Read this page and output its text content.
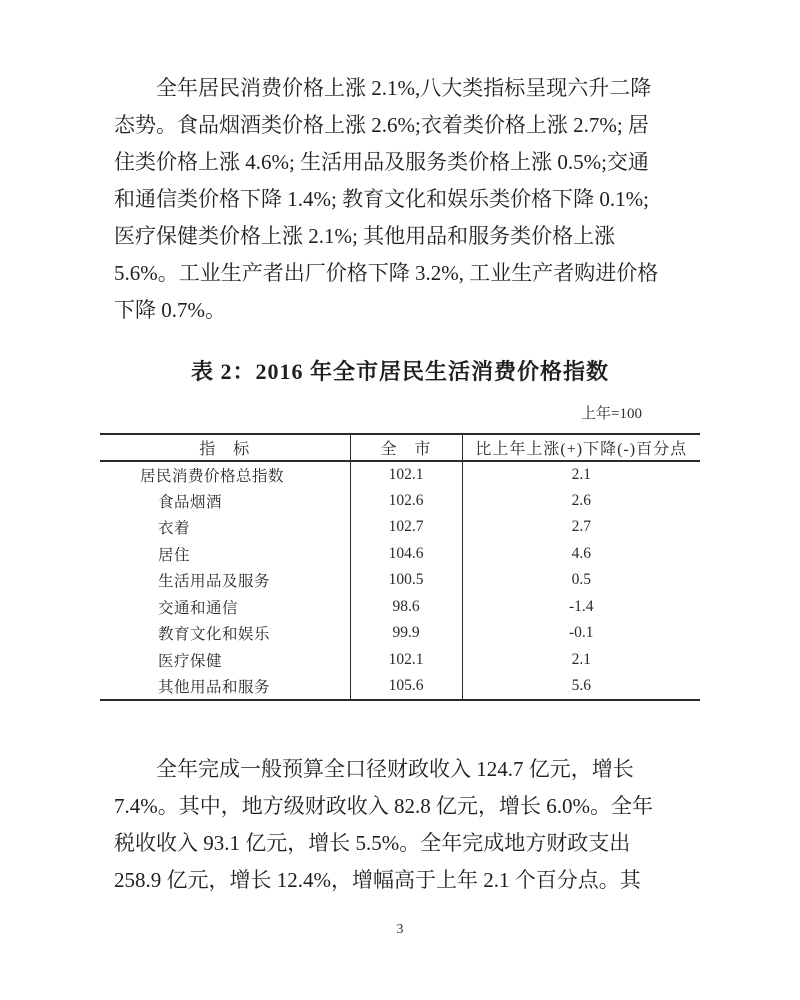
全年居民消费价格上涨 2.1%,八大类指标呈现六升二降
态势。食品烟酒类价格上涨 2.6%;衣着类价格上涨 2.7%; 居
住类价格上涨 4.6%; 生活用品及服务类价格上涨 0.5%;交通
和通信类价格下降 1.4%; 教育文化和娱乐类价格下降 0.1%;
医疗保健类价格上涨 2.1%; 其他用品和服务类价格上涨
5.6%。工业生产者出厂价格下降 3.2%, 工业生产者购进价格
下降 0.7%。
表 2：2016 年全市居民生活消费价格指数
上年=100
指　标	全　市	比上年上涨(+)下降(-)百分点
居民消费价格总指数	102.1	2.1
食品烟酒	102.6	2.6
衣着	102.7	2.7
居住	104.6	4.6
生活用品及服务	100.5	0.5
交通和通信	98.6	-1.4
教育文化和娱乐	99.9	-0.1
医疗保健	102.1	2.1
其他用品和服务	105.6	5.6
全年完成一般预算全口径财政收入 124.7 亿元，增长
7.4%。其中，地方级财政收入 82.8 亿元，增长 6.0%。全年
税收收入 93.1 亿元，增长 5.5%。全年完成地方财政支出
258.9 亿元，增长 12.4%，增幅高于上年 2.1 个百分点。其
3
